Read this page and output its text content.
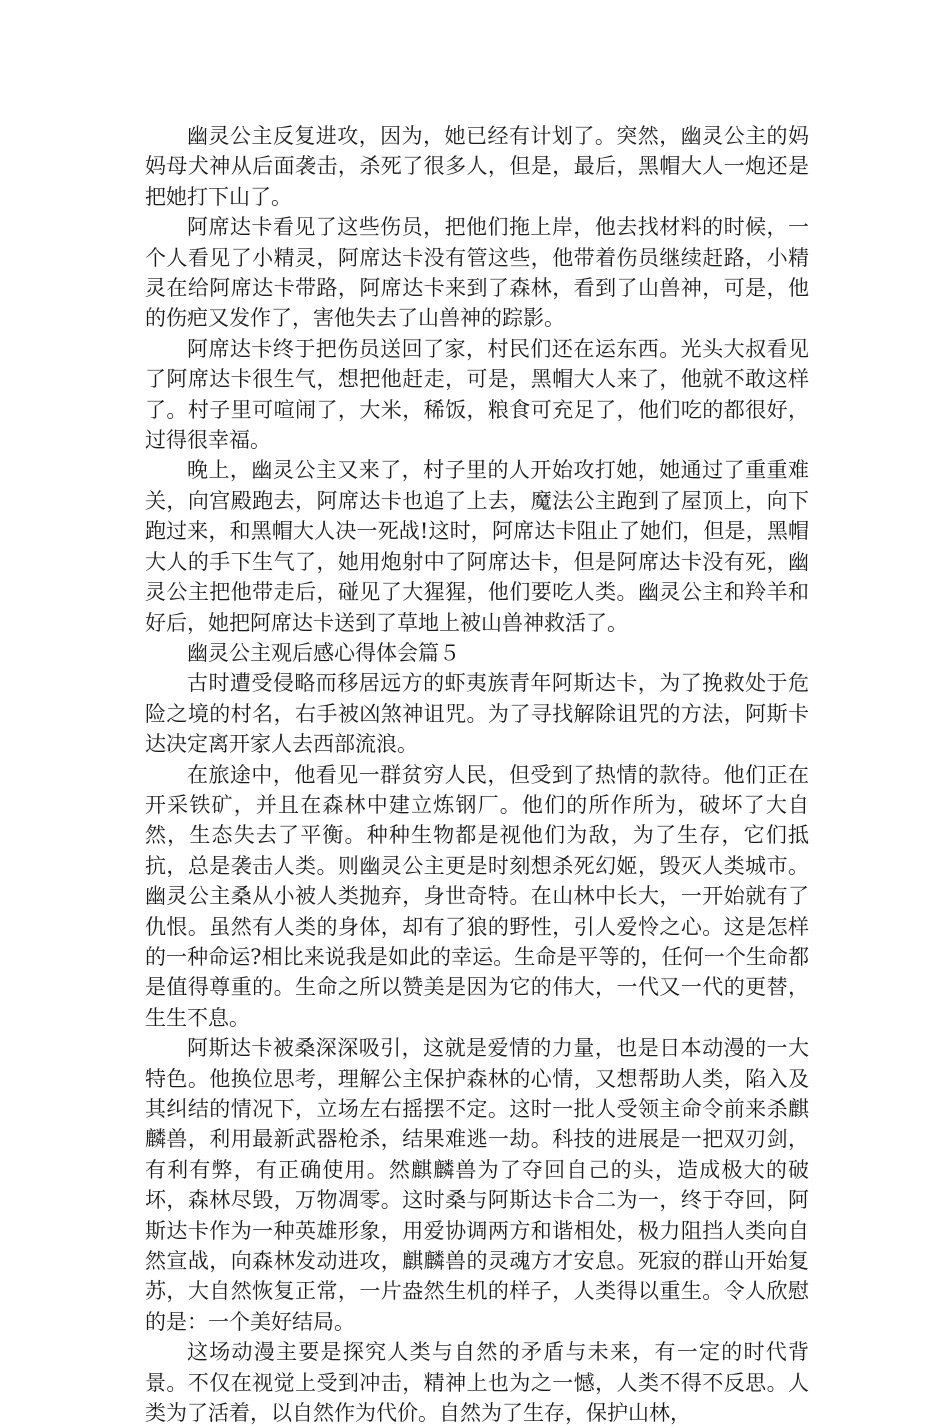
幽灵公主反复进攻，因为，她已经有计划了。突然，幽灵公主的妈妈母犬神从后面袭击，杀死了很多人，但是，最后，黑帽大人一炮还是把她打下山了。

阿席达卡看见了这些伤员，把他们拖上岸，他去找材料的时候，一个人看见了小精灵，阿席达卡没有管这些，他带着伤员继续赶路，小精灵在给阿席达卡带路，阿席达卡来到了森林，看到了山兽神，可是，他的伤疤又发作了，害他失去了山兽神的踪影。

阿席达卡终于把伤员送回了家，村民们还在运东西。光头大叔看见了阿席达卡很生气，想把他赶走，可是，黑帽大人来了，他就不敢这样了。村子里可喧闹了，大米，稀饭，粮食可充足了，他们吃的都很好，过得很幸福。

晚上，幽灵公主又来了，村子里的人开始攻打她，她通过了重重难关，向宫殿跑去，阿席达卡也追了上去，魔法公主跑到了屋顶上，向下跑过来，和黑帽大人决一死战!这时，阿席达卡阻止了她们，但是，黑帽大人的手下生气了，她用炮射中了阿席达卡，但是阿席达卡没有死，幽灵公主把他带走后，碰见了大猩猩，他们要吃人类。幽灵公主和羚羊和好后，她把阿席达卡送到了草地上被山兽神救活了。

幽灵公主观后感心得体会篇５

古时遭受侵略而移居远方的虾夷族青年阿斯达卡，为了挽救处于危险之境的村名，右手被凶煞神诅咒。为了寻找解除诅咒的方法，阿斯卡达决定离开家人去西部流浪。

在旅途中，他看见一群贫穷人民，但受到了热情的款待。他们正在开采铁矿，并且在森林中建立炼钢厂。他们的所作所为，破坏了大自然，生态失去了平衡。种种生物都是视他们为敌，为了生存，它们抵抗，总是袭击人类。则幽灵公主更是时刻想杀死幻姬，毁灭人类城市。幽灵公主桑从小被人类抛弃，身世奇特。在山林中长大，一开始就有了仇恨。虽然有人类的身体，却有了狼的野性，引人爱怜之心。这是怎样的一种命运?相比来说我是如此的幸运。生命是平等的，任何一个生命都是值得尊重的。生命之所以赞美是因为它的伟大，一代又一代的更替，生生不息。

阿斯达卡被桑深深吸引，这就是爱情的力量，也是日本动漫的一大特色。他换位思考，理解公主保护森林的心情，又想帮助人类，陷入及其纠结的情况下，立场左右摇摆不定。这时一批人受领主命令前来杀麒麟兽，利用最新武器枪杀，结果难逃一劫。科技的进展是一把双刃剑，有利有弊，有正确使用。然麒麟兽为了夺回自己的头，造成极大的破坏，森林尽毁，万物凋零。这时桑与阿斯达卡合二为一，终于夺回，阿斯达卡作为一种英雄形象，用爱协调两方和谐相处，极力阻挡人类向自然宣战，向森林发动进攻，麒麟兽的灵魂方才安息。死寂的群山开始复苏，大自然恢复正常，一片盎然生机的样子，人类得以重生。令人欣慰的是：一个美好结局。

这场动漫主要是探究人类与自然的矛盾与未来，有一定的时代背景。不仅在视觉上受到冲击，精神上也为之一憾，人类不得不反思。人类为了活着，以自然作为代价。自然为了生存，保护山林，
